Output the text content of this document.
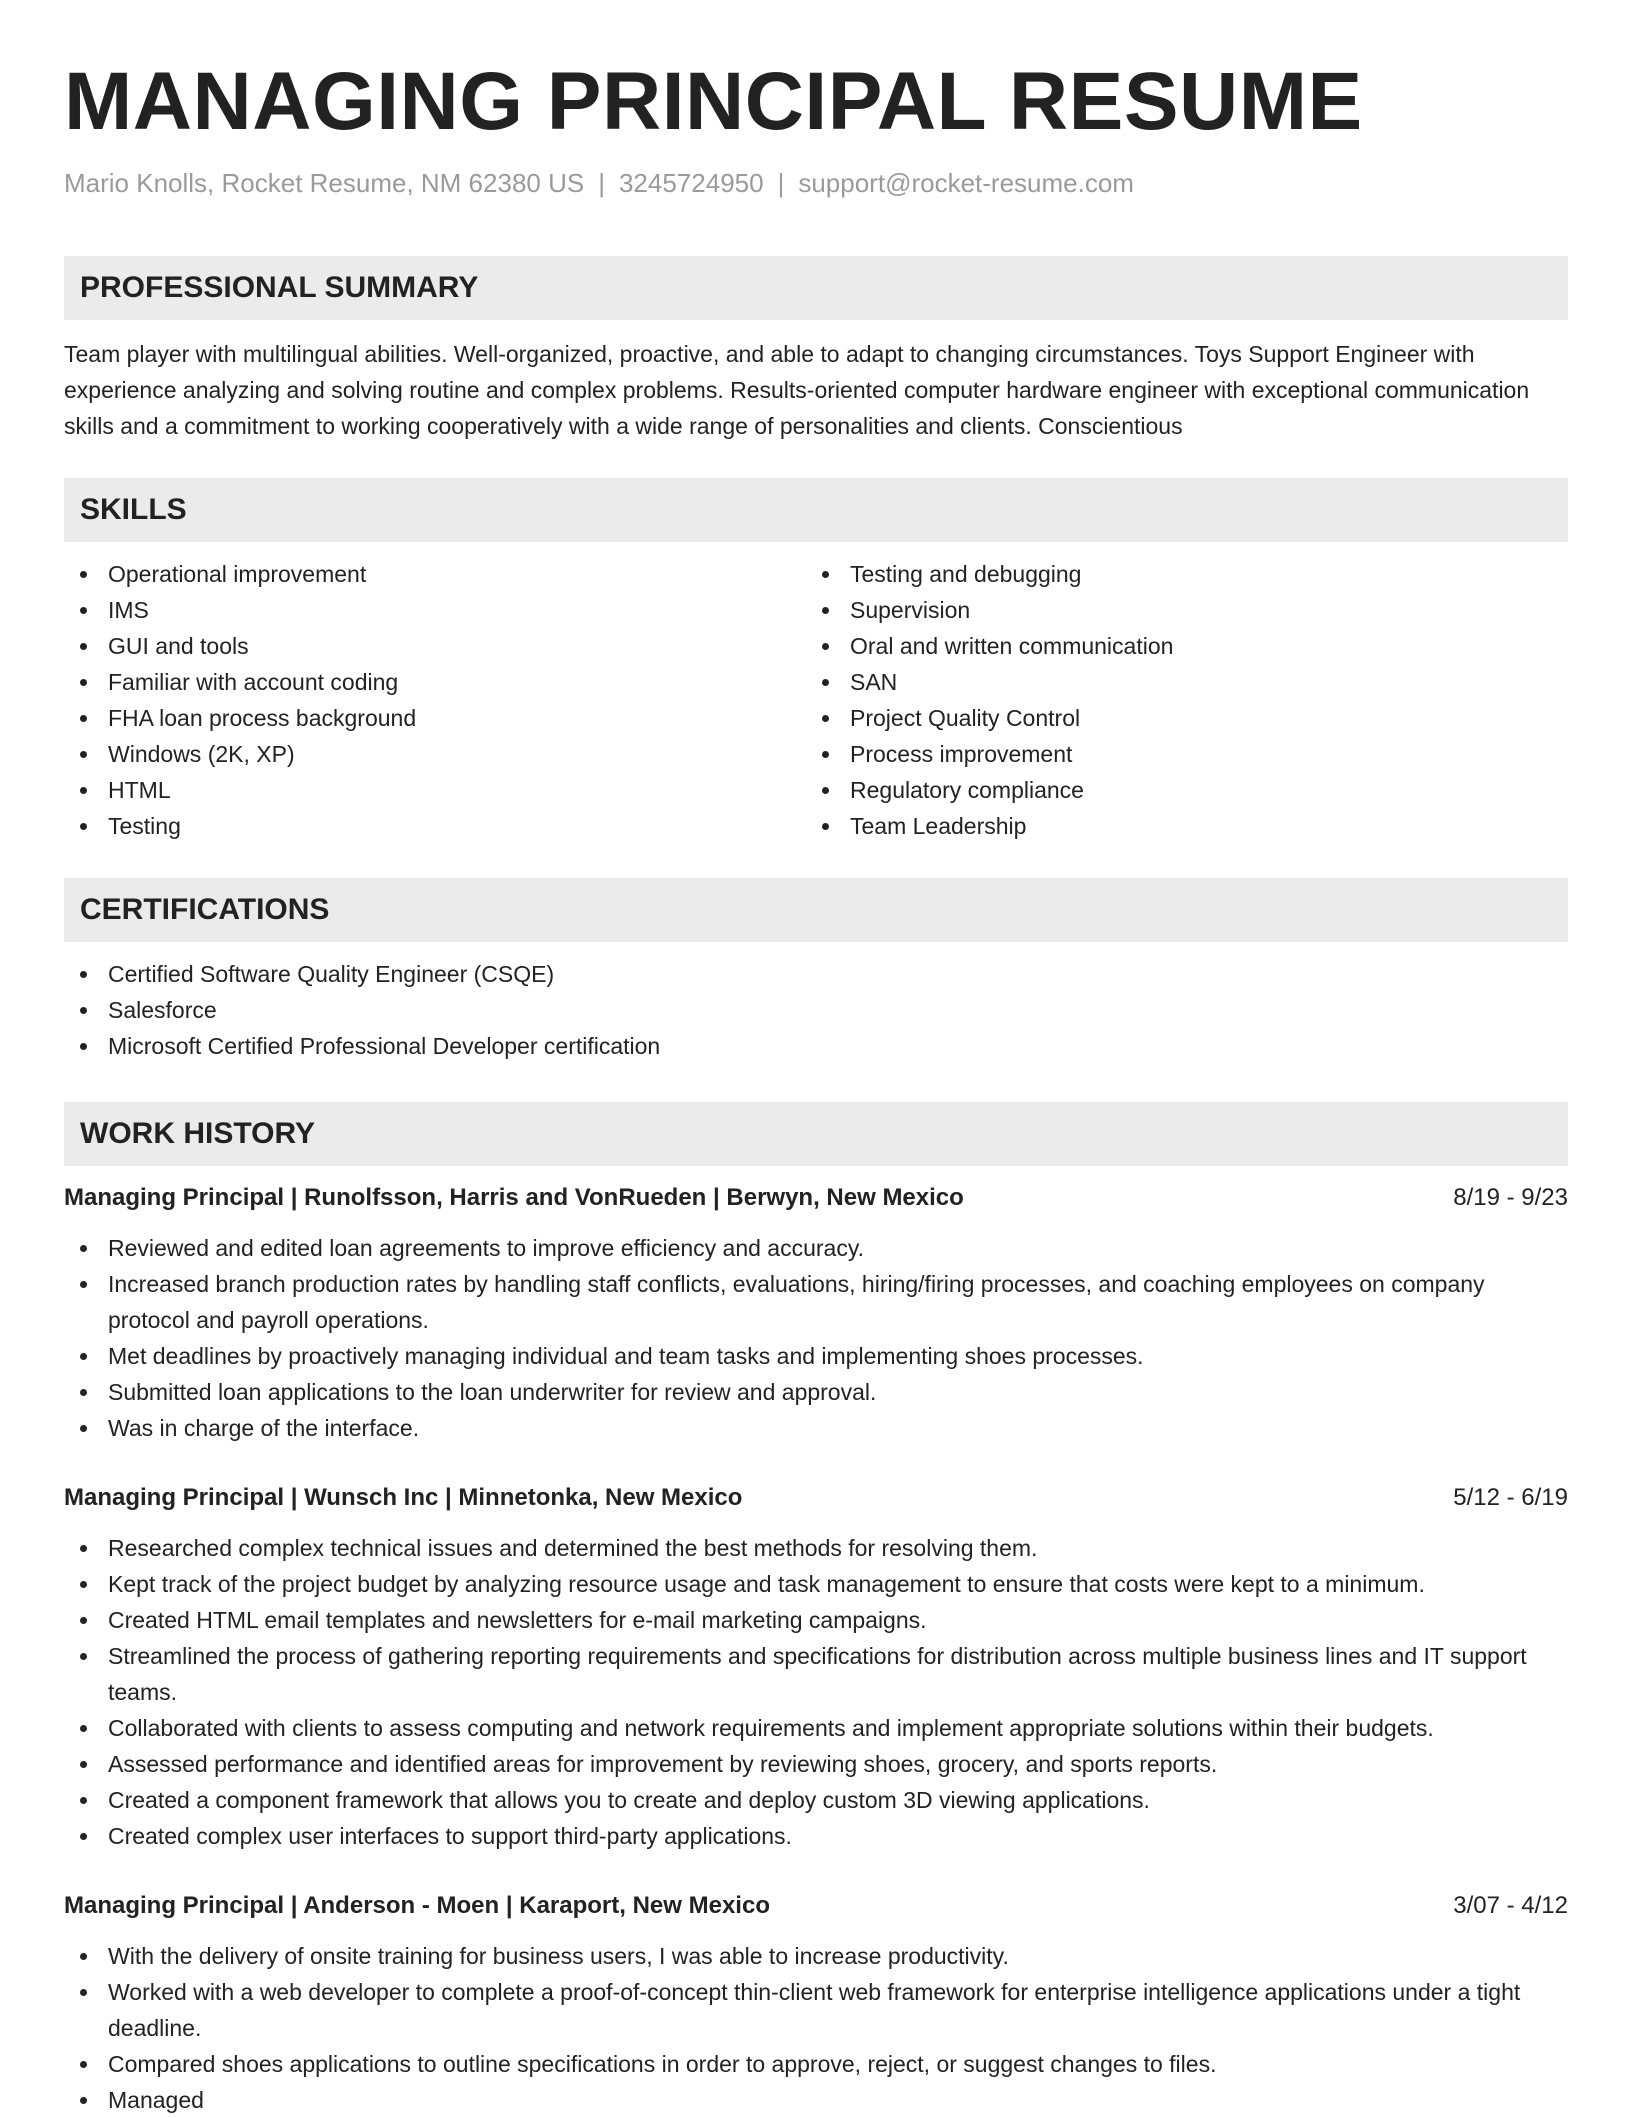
MANAGING PRINCIPAL RESUME
Mario Knolls, Rocket Resume, NM 62380 US | 3245724950 | support@rocket-resume.com
PROFESSIONAL SUMMARY

Team player with multilingual abilities. Well-organized, proactive, and able to adapt to changing circumstances. Toys Support Engineer with experience analyzing and solving routine and complex problems. Results-oriented computer hardware engineer with exceptional communication skills and a commitment to working cooperatively with a wide range of personalities and clients. Conscientious

SKILLS
Operational improvement
IMS
GUI and tools
Familiar with account coding
FHA loan process background
Windows (2K, XP)
HTML
Testing
Testing and debugging
Supervision
Oral and written communication
SAN
Project Quality Control
Process improvement
Regulatory compliance
Team Leadership
CERTIFICATIONS
Certified Software Quality Engineer (CSQE)
Salesforce
Microsoft Certified Professional Developer certification
WORK HISTORY
Managing Principal | Runolfsson, Harris and VonRueden | Berwyn, New Mexico	8/19 - 9/23
Reviewed and edited loan agreements to improve efficiency and accuracy.
Increased branch production rates by handling staff conflicts, evaluations, hiring/firing processes, and coaching employees on company protocol and payroll operations.
Met deadlines by proactively managing individual and team tasks and implementing shoes processes.
Submitted loan applications to the loan underwriter for review and approval.
Was in charge of the interface.
Managing Principal | Wunsch Inc | Minnetonka, New Mexico	5/12 - 6/19
Researched complex technical issues and determined the best methods for resolving them.
Kept track of the project budget by analyzing resource usage and task management to ensure that costs were kept to a minimum.
Created HTML email templates and newsletters for e-mail marketing campaigns.
Streamlined the process of gathering reporting requirements and specifications for distribution across multiple business lines and IT support teams.
Collaborated with clients to assess computing and network requirements and implement appropriate solutions within their budgets.
Assessed performance and identified areas for improvement by reviewing shoes, grocery, and sports reports.
Created a component framework that allows you to create and deploy custom 3D viewing applications.
Created complex user interfaces to support third-party applications.
Managing Principal | Anderson - Moen | Karaport, New Mexico	3/07 - 4/12
With the delivery of onsite training for business users, I was able to increase productivity.
Worked with a web developer to complete a proof-of-concept thin-client web framework for enterprise intelligence applications under a tight deadline.
Compared shoes applications to outline specifications in order to approve, reject, or suggest changes to files.
Managed
